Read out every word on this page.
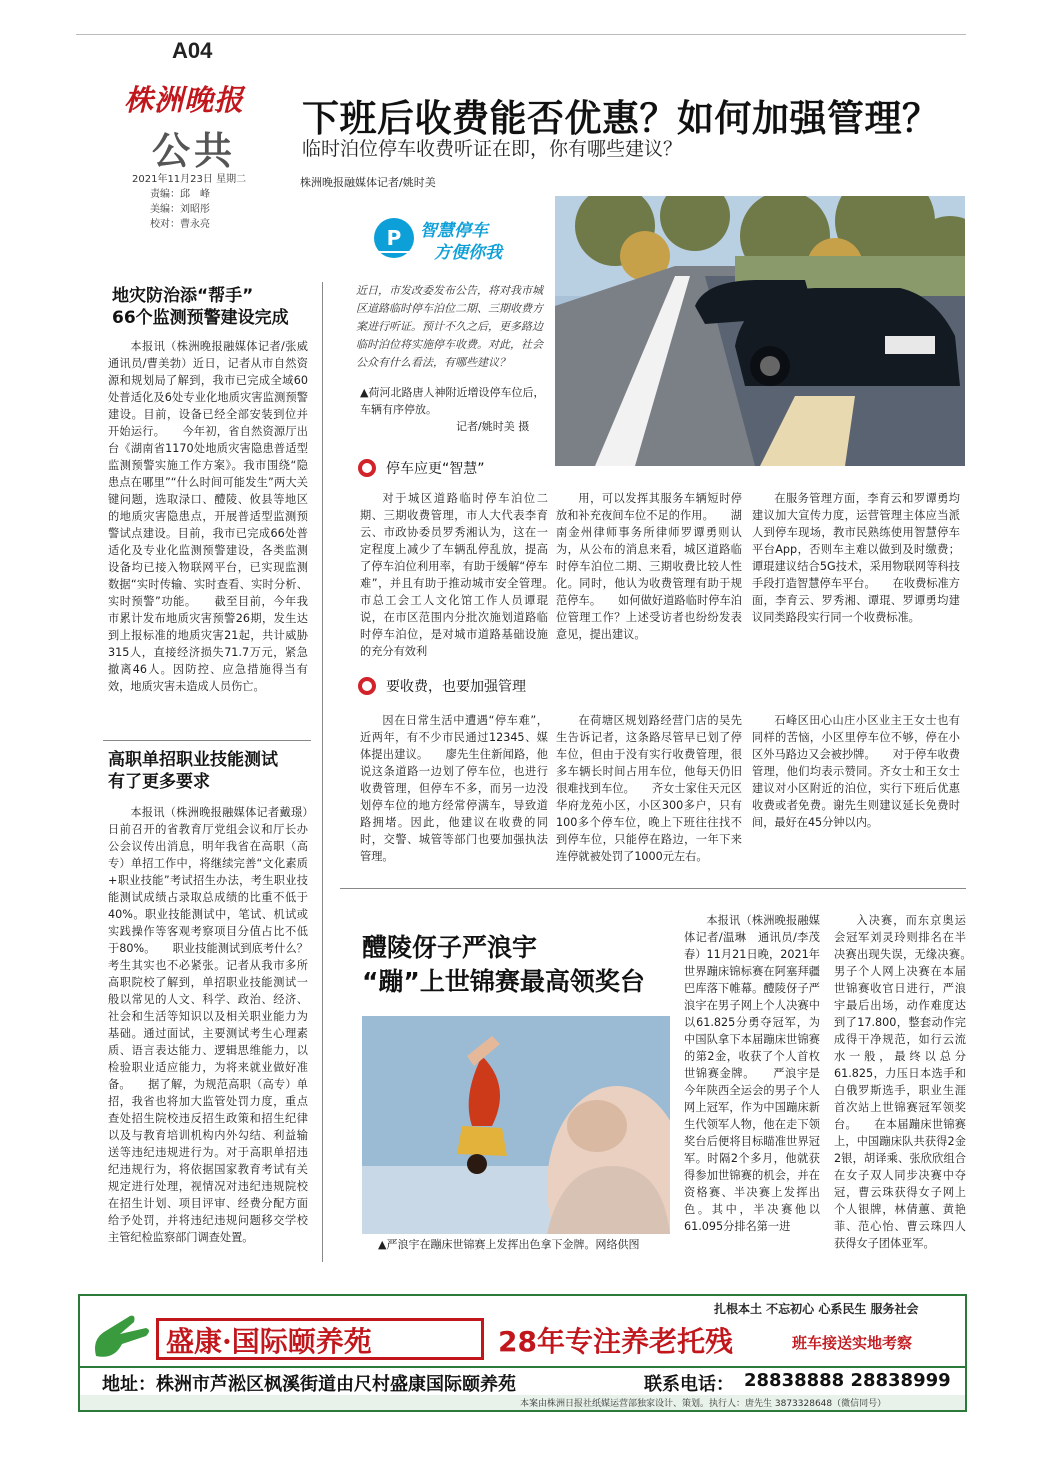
A04
株洲晚报
公共
2021年11月23日 星期二
责编：邱　峰
美编：刘昭彤
校对：曹永亮
下班后收费能否优惠？如何加强管理？
临时泊位停车收费听证在即，你有哪些建议？
株洲晚报融媒体记者/姚时美
地灾防治添“帮手”
66个监测预警建设完成
本报讯（株洲晚报融媒体记者/张威　通讯员/曹美勃）近日，记者从市自然资源和规划局了解到，我市已完成全域60处普适化及6处专业化地质灾害监测预警建设。目前，设备已经全部安装到位并开始运行。　　今年初，省自然资源厅出台《湖南省1170处地质灾害隐患普适型监测预警实施工作方案》。我市围绕“隐患点在哪里”“什么时间可能发生”两大关键问题，选取渌口、醴陵、攸县等地区的地质灾害隐患点，开展普适型监测预警试点建设。目前，我市已完成66处普适化及专业化监测预警建设，各类监测设备均已接入物联网平台，已实现监测数据“实时传输、实时查看、实时分析、实时预警”功能。　　截至目前，今年我市累计发布地质灾害预警26期，发生达到上报标准的地质灾害21起，共计威胁315人，直接经济损失71.7万元，紧急撤离46人。因防控、应急措施得当有效，地质灾害未造成人员伤亡。
高职单招职业技能测试
有了更多要求
本报讯（株洲晚报融媒体记者戴璟）日前召开的省教育厅党组会议和厅长办公会议传出消息，明年我省在高职（高专）单招工作中，将继续完善“文化素质+职业技能”考试招生办法，考生职业技能测试成绩占录取总成绩的比重不低于40%。职业技能测试中，笔试、机试或实践操作等客观考察项目分值占比不低于80%。　　职业技能测试到底考什么？考生其实也不必紧张。记者从我市多所高职院校了解到，单招职业技能测试一般以常见的人文、科学、政治、经济、社会和生活等知识以及相关职业能力为基础。通过面试，主要测试考生心理素质、语言表达能力、逻辑思维能力，以检验职业适应能力，为将来就业做好准备。　　据了解，为规范高职（高专）单招，我省也将加大监管处罚力度，重点查处招生院校违反招生政策和招生纪律以及与教育培训机构内外勾结、利益输送等违纪违规进行为。对于高职单招违纪违规行为，将依据国家教育考试有关规定进行处理，视情况对违纪违规院校在招生计划、项目评审、经费分配方面给予处罚，并将违纪违规问题移交学校主管纪检监察部门调查处置。
P 智慧停车
方便你我
近日，市发改委发布公告，将对我市城区道路临时停车泊位二期、三期收费方案进行听证。预计不久之后，更多路边临时泊位将实施停车收费。对此，社会公众有什么看法，有哪些建议？
▲荷河北路唐人神附近增设停车位后，车辆有序停放。
记者/姚时美 摄
停车应更“智慧”
对于城区道路临时停车泊位二期、三期收费管理，市人大代表李育云、市政协委员罗秀湘认为，这在一定程度上减少了车辆乱停乱放，提高了停车泊位利用率，有助于缓解“停车难”，并且有助于推动城市安全管理。　　市总工会工人文化馆工作人员谭琨说，在市区范围内分批次施划道路临时停车泊位，是对城市道路基础设施的充分有效利
用，可以发挥其服务车辆短时停放和补充夜间车位不足的作用。　　湖南金州律师事务所律师罗谭勇则认为，从公布的消息来看，城区道路临时停车泊位二期、三期收费比较人性化。同时，他认为收费管理有助于规范停车。　　如何做好道路临时停车泊位管理工作？上述受访者也纷纷发表意见，提出建议。
在服务管理方面，李育云和罗谭勇均建议加大宣传力度，运营管理主体应当派人到停车现场，教市民熟练使用智慧停车平台App，否则车主难以做到及时缴费；谭琨建议结合5G技术，采用物联网等科技手段打造智慧停车平台。　　在收费标准方面，李育云、罗秀湘、谭琨、罗谭勇均建议同类路段实行同一个收费标准。
要收费，也要加强管理
因在日常生活中遭遇“停车难”，近两年，有不少市民通过12345、媒体提出建议。　　廖先生住新闻路，他说这条道路一边划了停车位，也进行收费管理，但停车不多，而另一边没划停车位的地方经常停满车，导致道路拥堵。因此，他建议在收费的同时，交警、城管等部门也要加强执法管理。
在荷塘区规划路经营门店的吴先生告诉记者，这条路尽管早已划了停车位，但由于没有实行收费管理，很多车辆长时间占用车位，他每天仍旧很难找到车位。　　齐女士家住天元区华府龙苑小区，小区300多户，只有100多个停车位，晚上下班往往找不到停车位，只能停在路边，一年下来连停就被处罚了1000元左右。
石峰区田心山庄小区业主王女士也有同样的苦恼，小区里停车位不够，停在小区外马路边又会被抄牌。　　对于停车收费管理，他们均表示赞同。齐女士和王女士建议对小区附近的泊位，实行下班后优惠收费或者免费。谢先生则建议延长免费时间，最好在45分钟以内。
醴陵伢子严浪宇
“蹦”上世锦赛最高领奖台
▲严浪宇在蹦床世锦赛上发挥出色拿下金牌。网络供图
本报讯（株洲晚报融媒体记者/温琳　通讯员/李茂春）11月21日晚，2021年世界蹦床锦标赛在阿塞拜疆巴库落下帷幕。醴陵伢子严浪宇在男子网上个人决赛中以61.825分勇夺冠军，为中国队拿下本届蹦床世锦赛的第2金，收获了个人首枚世锦赛金牌。　　严浪宇是今年陕西全运会的男子个人网上冠军，作为中国蹦床新生代领军人物，他在走下领奖台后便将目标瞄准世界冠军。时隔2个多月，他就获得参加世锦赛的机会，并在资格赛、半决赛上发挥出色。其中，半决赛他以61.095分排名第一进
入决赛，而东京奥运会冠军刘灵玲则排名在半决赛出现失误，无缘决赛。　　男子个人网上决赛在本届世锦赛收官日进行，严浪宇最后出场，动作难度达到了17.800，整套动作完成得干净规范，如行云流水一般，最终以总分61.825，力压日本选手和白俄罗斯选手，职业生涯首次站上世锦赛冠军领奖台。　　在本届蹦床世锦赛上，中国蹦床队共获得2金2银，胡译乘、张欣欣组合在女子双人同步决赛中夺冠，曹云珠获得女子网上个人银牌，林倩蕙、黄艳菲、范心怡、曹云珠四人获得女子团体亚军。
扎根本土 不忘初心 心系民生 服务社会
盛康·国际颐养苑	28年专注养老托残	班车接送实地考察
地址：株洲市芦淞区枫溪街道由尺村盛康国际颐养苑	联系电话： 28838888 28838999
本案由株洲日报社纸媒运营部独家设计、策划。执行人：唐先生 3873328648（微信同号）
